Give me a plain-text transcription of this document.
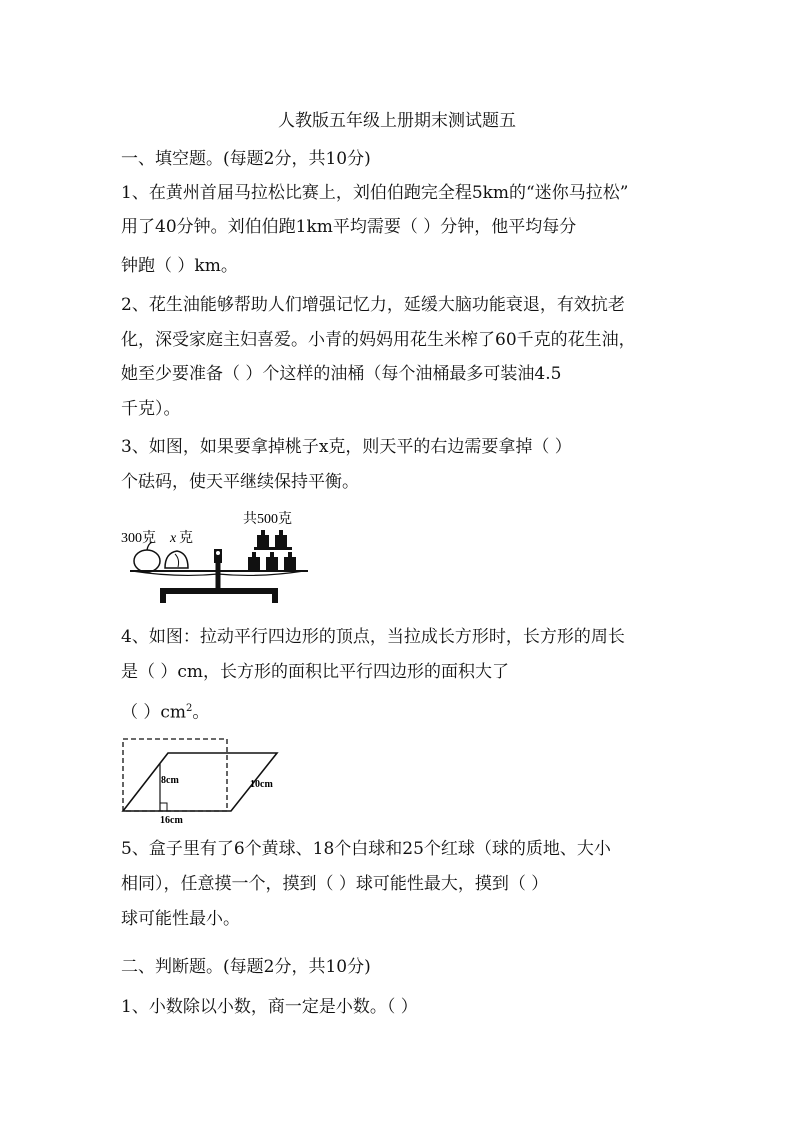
人教版五年级上册期末测试题五
一、填空题。(每题2分，共10分)
1、在黄州首届马拉松比赛上，刘伯伯跑完全程5km的“迷你马拉松”
用了40分钟。刘伯伯跑1km平均需要（ ）分钟，他平均每分
钟跑（ ）km。
2、花生油能够帮助人们增强记忆力，延缓大脑功能衰退，有效抗老
化，深受家庭主妇喜爱。小青的妈妈用花生米榨了60千克的花生油，
她至少要准备（ ）个这样的油桶（每个油桶最多可装油4.5
千克）。
3、如图，如果要拿掉桃子x克，则天平的右边需要拿掉（ ）
个砝码，使天平继续保持平衡。
300克 x 克
共500克
4、如图：拉动平行四边形的顶点，当拉成长方形时，长方形的周长
是（ ）cm，长方形的面积比平行四边形的面积大了
（ ）$cm^2$。
8cm	10cm
16cm
5、盒子里有了6个黄球、18个白球和25个红球（球的质地、大小
相同），任意摸一个，摸到（ ）球可能性最大，摸到（ ）
球可能性最小。
二、判断题。(每题2分，共10分)
1、小数除以小数，商一定是小数。（ ）
